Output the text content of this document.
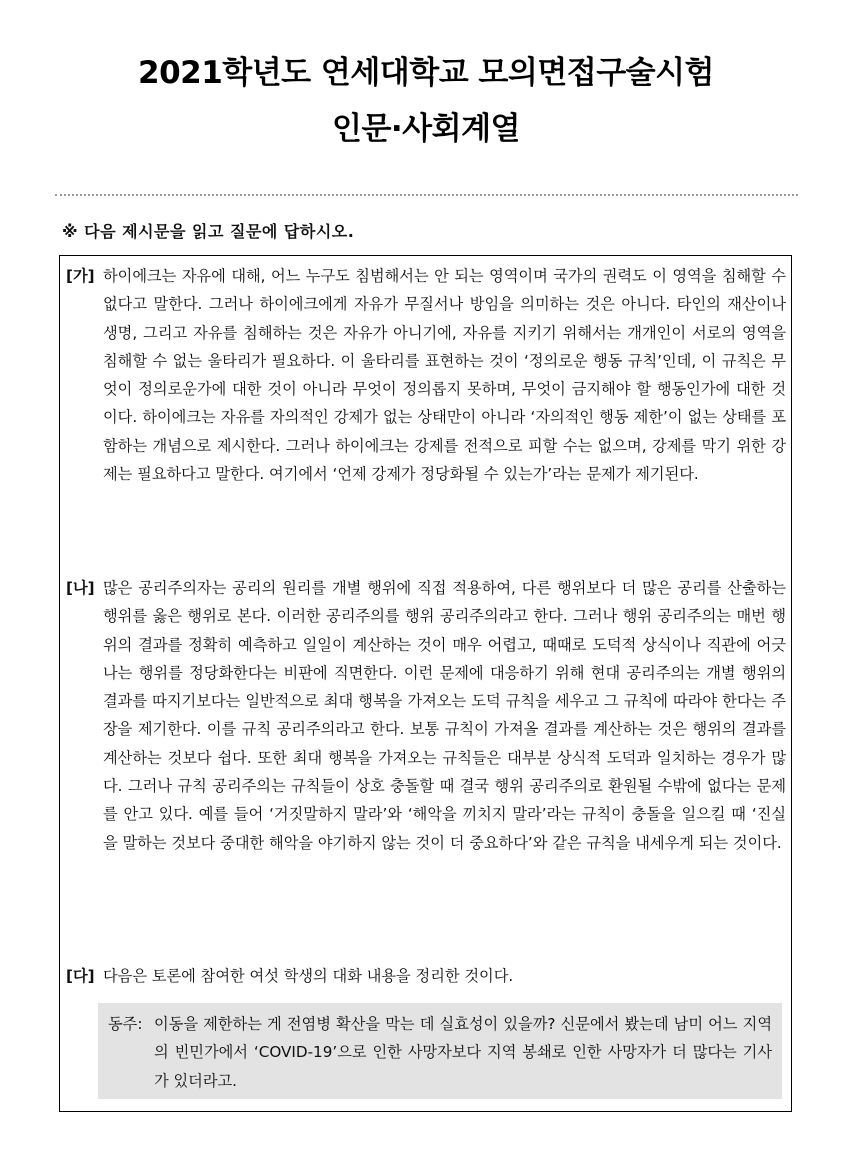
2021학년도 연세대학교 모의면접구술시험
인문·사회계열
※ 다음 제시문을 읽고 질문에 답하시오.
[가] 하이에크는 자유에 대해, 어느 누구도 침범해서는 안 되는 영역이며 국가의 권력도 이 영역을 침해할 수 없다고 말한다. 그러나 하이에크에게 자유가 무질서나 방임을 의미하는 것은 아니다. 타인의 재산이나 생명, 그리고 자유를 침해하는 것은 자유가 아니기에, 자유를 지키기 위해서는 개개인이 서로의 영역을 침해할 수 없는 울타리가 필요하다. 이 울타리를 표현하는 것이 ‘정의로운 행동 규칙’인데, 이 규칙은 무엇이 정의로운가에 대한 것이 아니라 무엇이 정의롭지 못하며, 무엇이 금지해야 할 행동인가에 대한 것이다. 하이에크는 자유를 자의적인 강제가 없는 상태만이 아니라 ‘자의적인 행동 제한’이 없는 상태를 포함하는 개념으로 제시한다. 그러나 하이에크는 강제를 전적으로 피할 수는 없으며, 강제를 막기 위한 강제는 필요하다고 말한다. 여기에서 ‘언제 강제가 정당화될 수 있는가’라는 문제가 제기된다.
[나] 많은 공리주의자는 공리의 원리를 개별 행위에 직접 적용하여, 다른 행위보다 더 많은 공리를 산출하는 행위를 옳은 행위로 본다. 이러한 공리주의를 행위 공리주의라고 한다. 그러나 행위 공리주의는 매번 행위의 결과를 정확히 예측하고 일일이 계산하는 것이 매우 어렵고, 때때로 도덕적 상식이나 직관에 어긋나는 행위를 정당화한다는 비판에 직면한다. 이런 문제에 대응하기 위해 현대 공리주의는 개별 행위의 결과를 따지기보다는 일반적으로 최대 행복을 가져오는 도덕 규칙을 세우고 그 규칙에 따라야 한다는 주장을 제기한다. 이를 규칙 공리주의라고 한다. 보통 규칙이 가져올 결과를 계산하는 것은 행위의 결과를 계산하는 것보다 쉽다. 또한 최대 행복을 가져오는 규칙들은 대부분 상식적 도덕과 일치하는 경우가 많다. 그러나 규칙 공리주의는 규칙들이 상호 충돌할 때 결국 행위 공리주의로 환원될 수밖에 없다는 문제를 안고 있다. 예를 들어 ‘거짓말하지 말라’와 ‘해악을 끼치지 말라’라는 규칙이 충돌을 일으킬 때 ‘진실을 말하는 것보다 중대한 해악을 야기하지 않는 것이 더 중요하다’와 같은 규칙을 내세우게 되는 것이다.
[다] 다음은 토론에 참여한 여섯 학생의 대화 내용을 정리한 것이다.
동주: 이동을 제한하는 게 전염병 확산을 막는 데 실효성이 있을까? 신문에서 봤는데 남미 어느 지역의 빈민가에서 ‘COVID-19’으로 인한 사망자보다 지역 봉쇄로 인한 사망자가 더 많다는 기사가 있더라고.
